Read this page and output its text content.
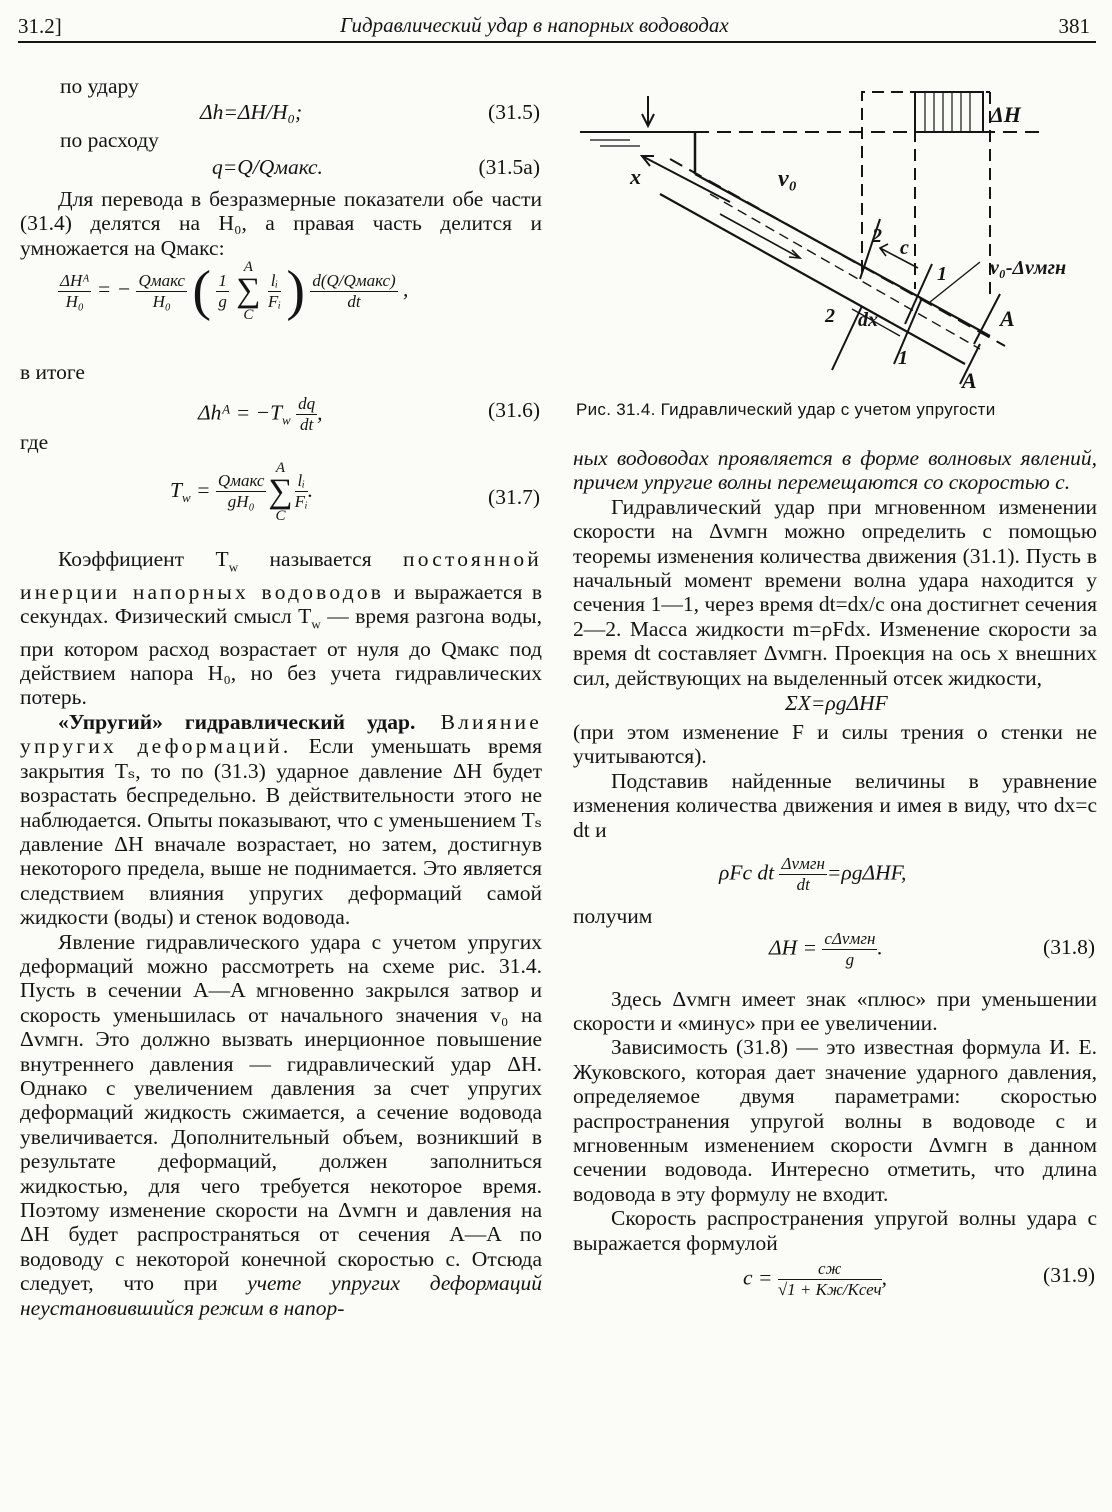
31.2]	Гидравлический удар в напорных водоводах	381

по удару

Δh=ΔH/H₀;	(31.5)

по расходу

q=Q/Qмакс.	(31.5а)

Для перевода в безразмерные показатели обе части (31.4) делятся на H₀, а правая часть делится и умножается на Qмакс:

$\frac{\text{ΔHᴬ}}{\text{H₀}}$ = − $\frac{\text{Qмакс}}{\text{H₀}}$ ( $\frac{1}{g}$
A
∑
C
$\frac{\text{lᵢ}}{\text{Fᵢ}}$ ) $\frac{\text{d(Q/Qмакс)}}{dt}$ ,

в итоге

Δhᴬ = $-T_w \frac{dq}{dt}$ ,	(31.6)

где

$T_w = \frac{\text{Qмакс}}{\text{gH₀}}$
A
∑
C
$\frac{\text{lᵢ}}{\text{Fᵢ}}$ .	(31.7)

Коэффициент $T_w$ называется постоянной инерции напорных водоводов и выражается в секундах. Физический смысл $T_w$ — время разгона воды, при котором расход возрастает от нуля до Qмакс под действием напора H₀, но без учета гидравлических потерь.

«Упругий» гидравлический удар. Влияние упругих деформаций. Если уменьшать время закрытия Tₛ, то по (31.3) ударное давление ΔH будет возрастать беспредельно. В действительности этого не наблюдается. Опыты показывают, что с уменьшением Tₛ давление ΔH вначале возрастает, но затем, достигнув некоторого предела, выше не поднимается. Это является следствием влияния упругих деформаций самой жидкости (воды) и стенок водовода.

Явление гидравлического удара с учетом упругих деформаций можно рассмотреть на схеме рис. 31.4. Пусть в сечении A—A мгновенно закрылся затвор и скорость уменьшилась от начального значения v₀ на Δvмгн. Это должно вызвать инерционное повышение внутреннего давления — гидравлический удар ΔH. Однако с увеличением давления за счет упругих деформаций жидкость сжимается, а сечение водовода увеличивается. Дополнительный объем, возникший в результате деформаций, должен заполниться жидкостью, для чего требуется некоторое время. Поэтому изменение скорости на Δvмгн и давления на ΔH будет распространяться от сечения A—A по водоводу с некоторой конечной скоростью c. Отсюда следует, что при учете упругих деформаций неустановившийся режим в напор-

ΔH
x	v₀
v₀-Δvмгн
c
dx
1
1
2
2	A
A
Рис. 31.4. Гидравлический удар с учетом упругости

ных водоводах проявляется в форме волновых явлений, причем упругие волны перемещаются со скоростью c.

Гидравлический удар при мгновенном изменении скорости на Δvмгн можно определить с помощью теоремы изменения количества движения (31.1). Пусть в начальный момент времени волна удара находится у сечения 1—1, через время dt=dx/c она достигнет сечения 2—2. Масса жидкости m=ρFdx. Изменение скорости за время dt составляет Δvмгн. Проекция на ось x внешних сил, действующих на выделенный отсек жидкости,

ΣX=ρgΔHF

(при этом изменение F и силы трения о стенки не учитываются).

Подставив найденные величины в уравнение изменения количества движения и имея в виду, что dx=c dt и

ρFc dt $\frac{\text{Δvмгн}}{dt} =\rho g\Delta HF$,

получим

$\Delta H = \frac{\text{cΔvмгн}}{g}$ .	(31.8)

Здесь Δvмгн имеет знак «плюс» при уменьшении скорости и «минус» при ее увеличении.

Зависимость (31.8) — это известная формула И. Е. Жуковского, которая дает значение ударного давления, определяемое двумя параметрами: скоростью распространения упругой волны в водоводе c и мгновенным изменением скорости Δvмгн в данном сечении водовода. Интересно отметить, что длина водовода в эту формулу не входит.

Скорость распространения упругой волны удара c выражается формулой

$c = \frac{cж}{\text{√1 + Kж/Kсеч}}$ ,	(31.9)
